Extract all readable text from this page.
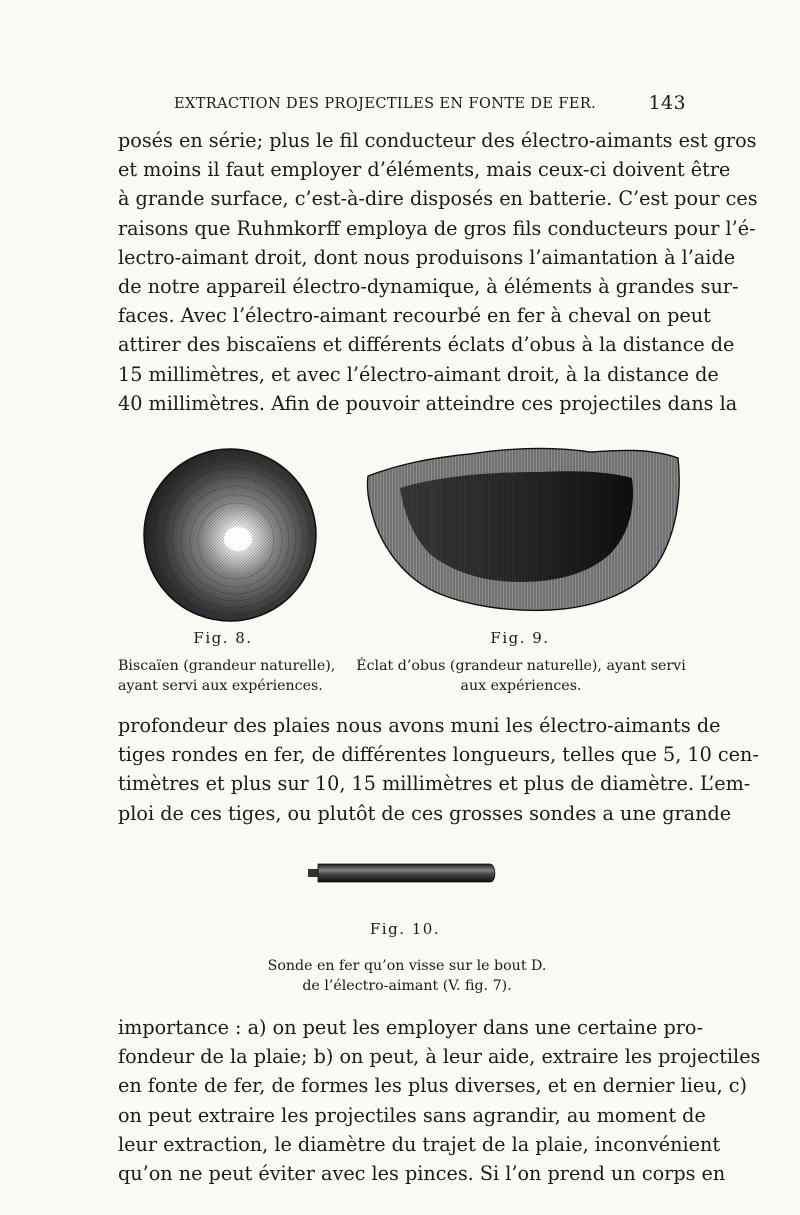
EXTRACTION DES PROJECTILES EN FONTE DE FER.	143
posés en série; plus le fil conducteur des électro-aimants est gros
et moins il faut employer d’éléments, mais ceux-ci doivent être
à grande surface, c’est-à-dire disposés en batterie. C’est pour ces
raisons que Ruhmkorff employa de gros fils conducteurs pour l’é-
lectro-aimant droit, dont nous produisons l’aimantation à l’aide
de notre appareil électro-dynamique, à éléments à grandes sur-
faces. Avec l’électro-aimant recourbé en fer à cheval on peut
attirer des biscaïens et différents éclats d’obus à la distance de
15 millimètres, et avec l’électro-aimant droit, à la distance de
40 millimètres. Afin de pouvoir atteindre ces projectiles dans la
Fig. 8.	Fig. 9.
Biscaïen (grandeur naturelle),
ayant servi aux expériences.
Éclat d’obus (grandeur naturelle), ayant servi
aux expériences.
profondeur des plaies nous avons muni les électro-aimants de
tiges rondes en fer, de différentes longueurs, telles que 5, 10 cen-
timètres et plus sur 10, 15 millimètres et plus de diamètre. L’em-
ploi de ces tiges, ou plutôt de ces grosses sondes a une grande
Fig. 10.
Sonde en fer qu’on visse sur le bout D.
de l’électro-aimant (V. fig. 7).
importance : a) on peut les employer dans une certaine pro-
fondeur de la plaie; b) on peut, à leur aide, extraire les projectiles
en fonte de fer, de formes les plus diverses, et en dernier lieu, c)
on peut extraire les projectiles sans agrandir, au moment de
leur extraction, le diamètre du trajet de la plaie, inconvénient
qu’on ne peut éviter avec les pinces. Si l’on prend un corps en
